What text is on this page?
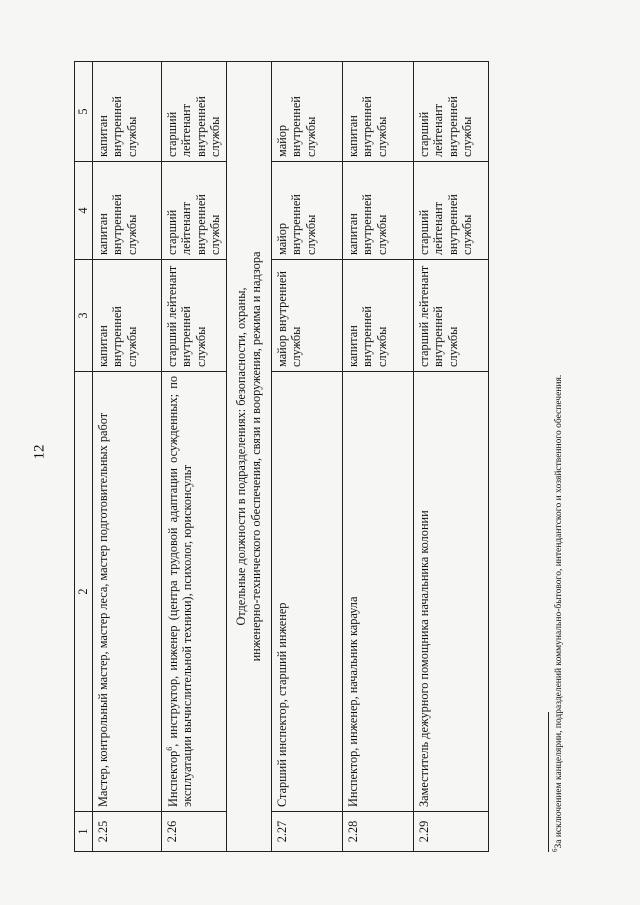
12
1	2	3	4	5
2.25	Мастер, контрольный мастер, мастер леса, мастер подготовительных работ	капитан внутренней службы	капитан внутренней службы	капитан внутренней службы
2.26	Инспектор$^6$, инструктор, инженер (центра трудовой адаптации осужденных; по эксплуатации вычислительной техники), психолог, юрисконсульт	старший лейтенант внутренней службы	старший лейтенант внутренней службы	старший лейтенант внутренней службы

Отдельные должности в подразделениях: безопасности, охраны, инженерно-технического обеспечения, связи и вооружения, режима и надзора				

2.27	Старший инспектор, старший инженер	майор внутренней службы	майор внутренней службы	майор внутренней службы
2.28	Инспектор, инженер, начальник караула	капитан внутренней службы	капитан внутренней службы	капитан внутренней службы
2.29	Заместитель дежурного помощника начальника колонии	старший лейтенант внутренней службы	старший лейтенант внутренней службы	старший лейтенант внутренней службы
$^6$За исключением канцелярии, подразделений коммунально-бытового, интендантского и хозяйственного обеспечения.
